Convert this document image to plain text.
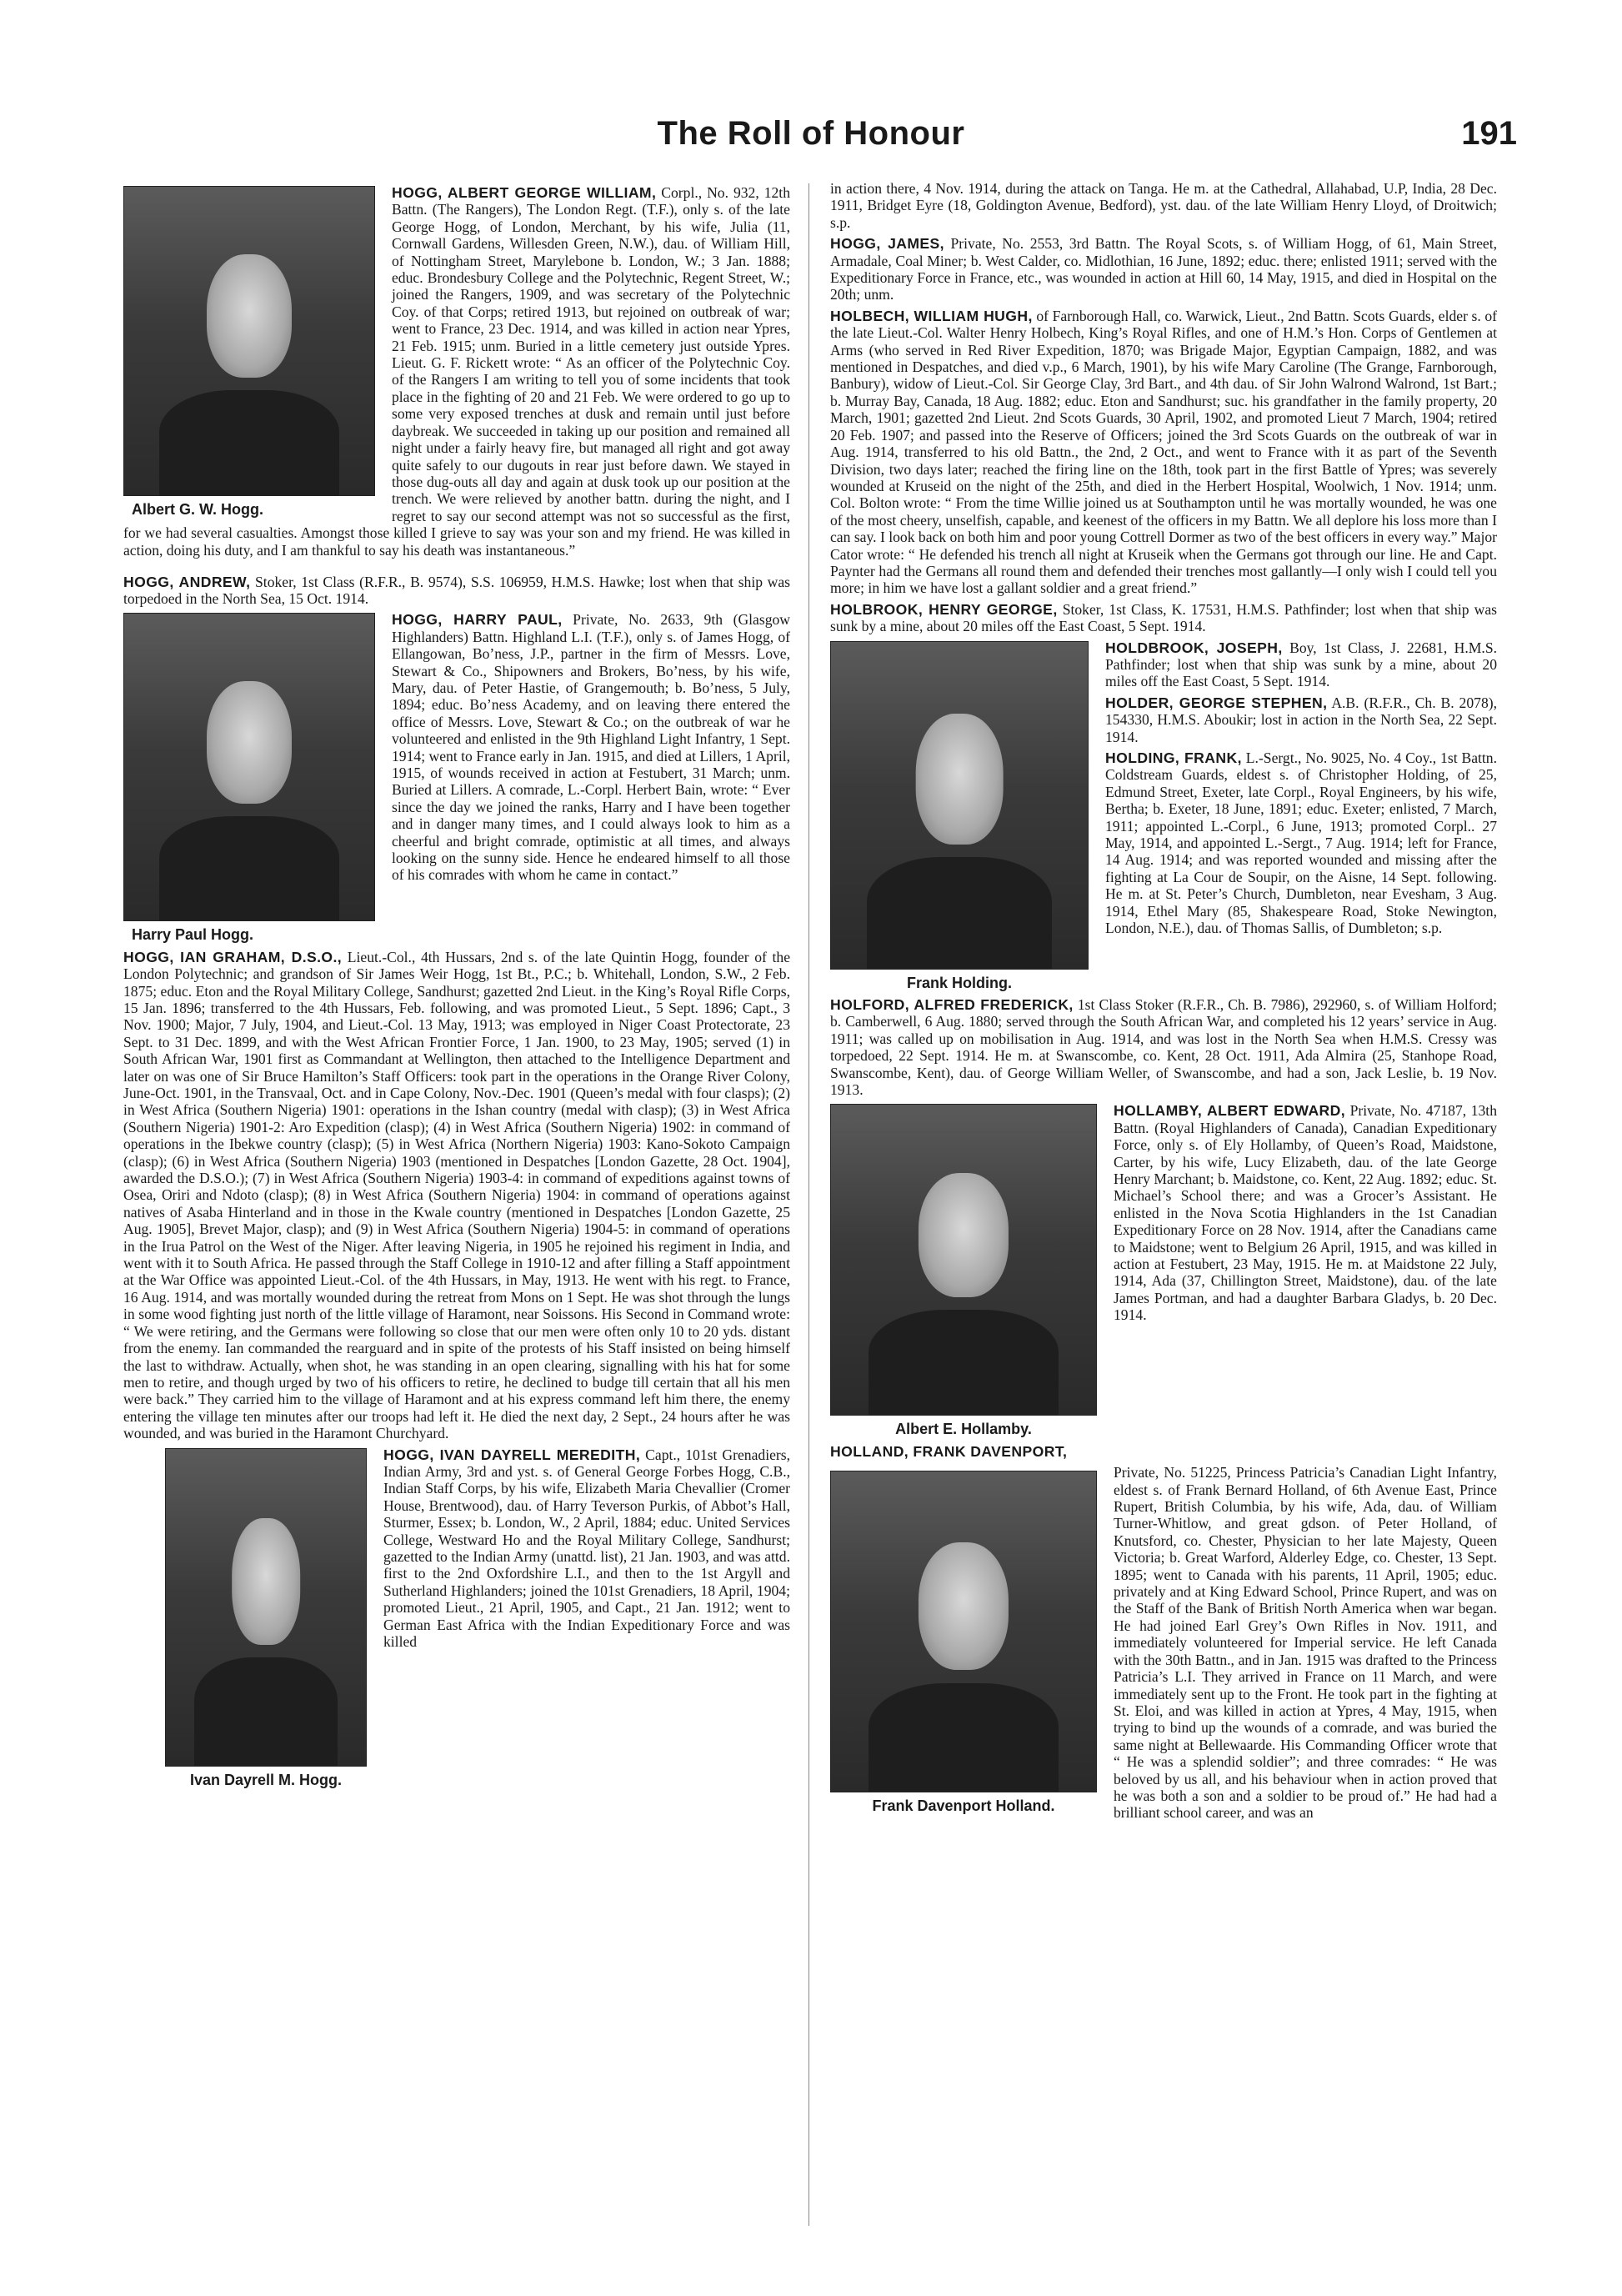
The Roll of Honour	191

Albert G. W. Hogg.
HOGG, ALBERT GEORGE WILLIAM, Corpl., No. 932, 12th Battn. (The Rangers), The London Regt. (T.F.), only s. of the late George Hogg, of London, Merchant, by his wife, Julia (11, Cornwall Gardens, Willesden Green, N.W.), dau. of William Hill, of Nottingham Street, Marylebone b. London, W.; 3 Jan. 1888; educ. Brondesbury College and the Polytechnic, Regent Street, W.; joined the Rangers, 1909, and was secretary of the Polytechnic Coy. of that Corps; retired 1913, but rejoined on outbreak of war; went to France, 23 Dec. 1914, and was killed in action near Ypres, 21 Feb. 1915; unm. Buried in a little cemetery just outside Ypres. Lieut. G. F. Rickett wrote: “ As an officer of the Polytechnic Coy. of the Rangers I am writing to tell you of some incidents that took place in the fighting of 20 and 21 Feb. We were ordered to go up to some very exposed trenches at dusk and remain until just before daybreak. We succeeded in taking up our position and remained all night under a fairly heavy fire, but managed all right and got away quite safely to our dugouts in rear just before dawn. We stayed in those dug-outs all day and again at dusk took up our position at the trench. We were relieved by another battn. during the night, and I regret to say our second attempt was not so successful as the first, for we had several casualties. Amongst those killed I grieve to say was your son and my friend. He was killed in action, doing his duty, and I am thankful to say his death was instantaneous.”

HOGG, ANDREW, Stoker, 1st Class (R.F.R., B. 9574), S.S. 106959, H.M.S. Hawke; lost when that ship was torpedoed in the North Sea, 15 Oct. 1914.

Harry Paul Hogg.
HOGG, HARRY PAUL, Private, No. 2633, 9th (Glasgow Highlanders) Battn. Highland L.I. (T.F.), only s. of James Hogg, of Ellangowan, Bo’ness, J.P., partner in the firm of Messrs. Love, Stewart & Co., Shipowners and Brokers, Bo’ness, by his wife, Mary, dau. of Peter Hastie, of Grangemouth; b. Bo’ness, 5 July, 1894; educ. Bo’ness Academy, and on leaving there entered the office of Messrs. Love, Stewart & Co.; on the outbreak of war he volunteered and enlisted in the 9th Highland Light Infantry, 1 Sept. 1914; went to France early in Jan. 1915, and died at Lillers, 1 April, 1915, of wounds received in action at Festubert, 31 March; unm. Buried at Lillers. A comrade, L.-Corpl. Herbert Bain, wrote: “ Ever since the day we joined the ranks, Harry and I have been together and in danger many times, and I could always look to him as a cheerful and bright comrade, optimistic at all times, and always looking on the sunny side. Hence he endeared himself to all those of his comrades with whom he came in contact.”

HOGG, IAN GRAHAM, D.S.O., Lieut.-Col., 4th Hussars, 2nd s. of the late Quintin Hogg, founder of the London Polytechnic; and grandson of Sir James Weir Hogg, 1st Bt., P.C.; b. Whitehall, London, S.W., 2 Feb. 1875; educ. Eton and the Royal Military College, Sandhurst; gazetted 2nd Lieut. in the King’s Royal Rifle Corps, 15 Jan. 1896; transferred to the 4th Hussars, Feb. following, and was promoted Lieut., 5 Sept. 1896; Capt., 3 Nov. 1900; Major, 7 July, 1904, and Lieut.-Col. 13 May, 1913; was employed in Niger Coast Protectorate, 23 Sept. to 31 Dec. 1899, and with the West African Frontier Force, 1 Jan. 1900, to 23 May, 1905; served (1) in South African War, 1901 first as Commandant at Wellington, then attached to the Intelligence Department and later on was one of Sir Bruce Hamilton’s Staff Officers: took part in the operations in the Orange River Colony, June-Oct. 1901, in the Transvaal, Oct. and in Cape Colony, Nov.-Dec. 1901 (Queen’s medal with four clasps); (2) in West Africa (Southern Nigeria) 1901: operations in the Ishan country (medal with clasp); (3) in West Africa (Southern Nigeria) 1901-2: Aro Expedition (clasp); (4) in West Africa (Southern Nigeria) 1902: in command of operations in the Ibekwe country (clasp); (5) in West Africa (Northern Nigeria) 1903: Kano-Sokoto Campaign (clasp); (6) in West Africa (Southern Nigeria) 1903 (mentioned in Despatches [London Gazette, 28 Oct. 1904], awarded the D.S.O.); (7) in West Africa (Southern Nigeria) 1903-4: in command of expeditions against towns of Osea, Oriri and Ndoto (clasp); (8) in West Africa (Southern Nigeria) 1904: in command of operations against natives of Asaba Hinterland and in those in the Kwale country (mentioned in Despatches [London Gazette, 25 Aug. 1905], Brevet Major, clasp); and (9) in West Africa (Southern Nigeria) 1904-5: in command of operations in the Irua Patrol on the West of the Niger. After leaving Nigeria, in 1905 he rejoined his regiment in India, and went with it to South Africa. He passed through the Staff College in 1910-12 and after filling a Staff appointment at the War Office was appointed Lieut.-Col. of the 4th Hussars, in May, 1913. He went with his regt. to France, 16 Aug. 1914, and was mortally wounded during the retreat from Mons on 1 Sept. He was shot through the lungs in some wood fighting just north of the little village of Haramont, near Soissons. His Second in Command wrote: “ We were retiring, and the Germans were following so close that our men were often only 10 to 20 yds. distant from the enemy. Ian commanded the rearguard and in spite of the protests of his Staff insisted on being himself the last to withdraw. Actually, when shot, he was standing in an open clearing, signalling with his hat for some men to retire, and though urged by two of his officers to retire, he declined to budge till certain that all his men were back.” They carried him to the village of Haramont and at his express command left him there, the enemy entering the village ten minutes after our troops had left it. He died the next day, 2 Sept., 24 hours after he was wounded, and was buried in the Haramont Churchyard.

Ivan Dayrell M. Hogg.
HOGG, IVAN DAYRELL MEREDITH, Capt., 101st Grenadiers, Indian Army, 3rd and yst. s. of General George Forbes Hogg, C.B., Indian Staff Corps, by his wife, Elizabeth Maria Chevallier (Cromer House, Brentwood), dau. of Harry Teverson Purkis, of Abbot’s Hall, Sturmer, Essex; b. London, W., 2 April, 1884; educ. United Services College, Westward Ho and the Royal Military College, Sandhurst; gazetted to the Indian Army (unattd. list), 21 Jan. 1903, and was attd. first to the 2nd Oxfordshire L.I., and then to the 1st Argyll and Sutherland Highlanders; joined the 101st Grenadiers, 18 April, 1904; promoted Lieut., 21 April, 1905, and Capt., 21 Jan. 1912; went to German East Africa with the Indian Expeditionary Force and was killed

in action there, 4 Nov. 1914, during the attack on Tanga. He m. at the Cathedral, Allahabad, U.P, India, 28 Dec. 1911, Bridget Eyre (18, Goldington Avenue, Bedford), yst. dau. of the late William Henry Lloyd, of Droitwich; s.p.

HOGG, JAMES, Private, No. 2553, 3rd Battn. The Royal Scots, s. of William Hogg, of 61, Main Street, Armadale, Coal Miner; b. West Calder, co. Midlothian, 16 June, 1892; educ. there; enlisted 1911; served with the Expeditionary Force in France, etc., was wounded in action at Hill 60, 14 May, 1915, and died in Hospital on the 20th; unm.

HOLBECH, WILLIAM HUGH, of Farnborough Hall, co. Warwick, Lieut., 2nd Battn. Scots Guards, elder s. of the late Lieut.-Col. Walter Henry Holbech, King’s Royal Rifles, and one of H.M.’s Hon. Corps of Gentlemen at Arms (who served in Red River Expedition, 1870; was Brigade Major, Egyptian Campaign, 1882, and was mentioned in Despatches, and died v.p., 6 March, 1901), by his wife Mary Caroline (The Grange, Farnborough, Banbury), widow of Lieut.-Col. Sir George Clay, 3rd Bart., and 4th dau. of Sir John Walrond Walrond, 1st Bart.; b. Murray Bay, Canada, 18 Aug. 1882; educ. Eton and Sandhurst; suc. his grandfather in the family property, 20 March, 1901; gazetted 2nd Lieut. 2nd Scots Guards, 30 April, 1902, and promoted Lieut 7 March, 1904; retired 20 Feb. 1907; and passed into the Reserve of Officers; joined the 3rd Scots Guards on the outbreak of war in Aug. 1914, transferred to his old Battn., the 2nd, 2 Oct., and went to France with it as part of the Seventh Division, two days later; reached the firing line on the 18th, took part in the first Battle of Ypres; was severely wounded at Kruseid on the night of the 25th, and died in the Herbert Hospital, Woolwich, 1 Nov. 1914; unm. Col. Bolton wrote: “ From the time Willie joined us at Southampton until he was mortally wounded, he was one of the most cheery, unselfish, capable, and keenest of the officers in my Battn. We all deplore his loss more than I can say. I look back on both him and poor young Cottrell Dormer as two of the best officers in every way.” Major Cator wrote: “ He defended his trench all night at Kruseik when the Germans got through our line. He and Capt. Paynter had the Germans all round them and defended their trenches most gallantly—I only wish I could tell you more; in him we have lost a gallant soldier and a great friend.”

HOLBROOK, HENRY GEORGE, Stoker, 1st Class, K. 17531, H.M.S. Pathfinder; lost when that ship was sunk by a mine, about 20 miles off the East Coast, 5 Sept. 1914.

Frank Holding.

HOLDBROOK, JOSEPH, Boy, 1st Class, J. 22681, H.M.S. Pathfinder; lost when that ship was sunk by a mine, about 20 miles off the East Coast, 5 Sept. 1914.

HOLDER, GEORGE STEPHEN, A.B. (R.F.R., Ch. B. 2078), 154330, H.M.S. Aboukir; lost in action in the North Sea, 22 Sept. 1914.

HOLDING, FRANK, L.-Sergt., No. 9025, No. 4 Coy., 1st Battn. Coldstream Guards, eldest s. of Christopher Holding, of 25, Edmund Street, Exeter, late Corpl., Royal Engineers, by his wife, Bertha; b. Exeter, 18 June, 1891; educ. Exeter; enlisted, 7 March, 1911; appointed L.-Corpl., 6 June, 1913; promoted Corpl.. 27 May, 1914, and appointed L.-Sergt., 7 Aug. 1914; left for France, 14 Aug. 1914; and was reported wounded and missing after the fighting at La Cour de Soupir, on the Aisne, 14 Sept. following. He m. at St. Peter’s Church, Dumbleton, near Evesham, 3 Aug. 1914, Ethel Mary (85, Shakespeare Road, Stoke Newington, London, N.E.), dau. of Thomas Sallis, of Dumbleton; s.p.

HOLFORD, ALFRED FREDERICK, 1st Class Stoker (R.F.R., Ch. B. 7986), 292960, s. of William Holford; b. Camberwell, 6 Aug. 1880; served through the South African War, and completed his 12 years’ service in Aug. 1911; was called up on mobilisation in Aug. 1914, and was lost in the North Sea when H.M.S. Cressy was torpedoed, 22 Sept. 1914. He m. at Swanscombe, co. Kent, 28 Oct. 1911, Ada Almira (25, Stanhope Road, Swanscombe, Kent), dau. of George William Weller, of Swanscombe, and had a son, Jack Leslie, b. 19 Nov. 1913.

Albert E. Hollamby.

HOLLAMBY, ALBERT EDWARD, Private, No. 47187, 13th Battn. (Royal Highlanders of Canada), Canadian Expeditionary Force, only s. of Ely Hollamby, of Queen’s Road, Maidstone, Carter, by his wife, Lucy Elizabeth, dau. of the late George Henry Marchant; b. Maidstone, co. Kent, 22 Aug. 1892; educ. St. Michael’s School there; and was a Grocer’s Assistant. He enlisted in the Nova Scotia Highlanders in the 1st Canadian Expeditionary Force on 28 Nov. 1914, after the Canadians came to Maidstone; went to Belgium 26 April, 1915, and was killed in action at Festubert, 23 May, 1915. He m. at Maidstone 22 July, 1914, Ada (37, Chillington Street, Maidstone), dau. of the late James Portman, and had a daughter Barbara Gladys, b. 20 Dec. 1914.

HOLLAND, FRANK DAVENPORT,

Frank Davenport Holland.
Private, No. 51225, Princess Patricia’s Canadian Light Infantry, eldest s. of Frank Bernard Holland, of 6th Avenue East, Prince Rupert, British Columbia, by his wife, Ada, dau. of William Turner-Whitlow, and great gdson. of Peter Holland, of Knutsford, co. Chester, Physician to her late Majesty, Queen Victoria; b. Great Warford, Alderley Edge, co. Chester, 13 Sept. 1895; went to Canada with his parents, 11 April, 1905; educ. privately and at King Edward School, Prince Rupert, and was on the Staff of the Bank of British North America when war began. He had joined Earl Grey’s Own Rifles in Nov. 1911, and immediately volunteered for Imperial service. He left Canada with the 30th Battn., and in Jan. 1915 was drafted to the Princess Patricia’s L.I. They arrived in France on 11 March, and were immediately sent up to the Front. He took part in the fighting at St. Eloi, and was killed in action at Ypres, 4 May, 1915, when trying to bind up the wounds of a comrade, and was buried the same night at Bellewaarde. His Commanding Officer wrote that “ He was a splendid soldier”; and three comrades: “ He was beloved by us all, and his behaviour when in action proved that he was both a son and a soldier to be proud of.” He had had a brilliant school career, and was an
